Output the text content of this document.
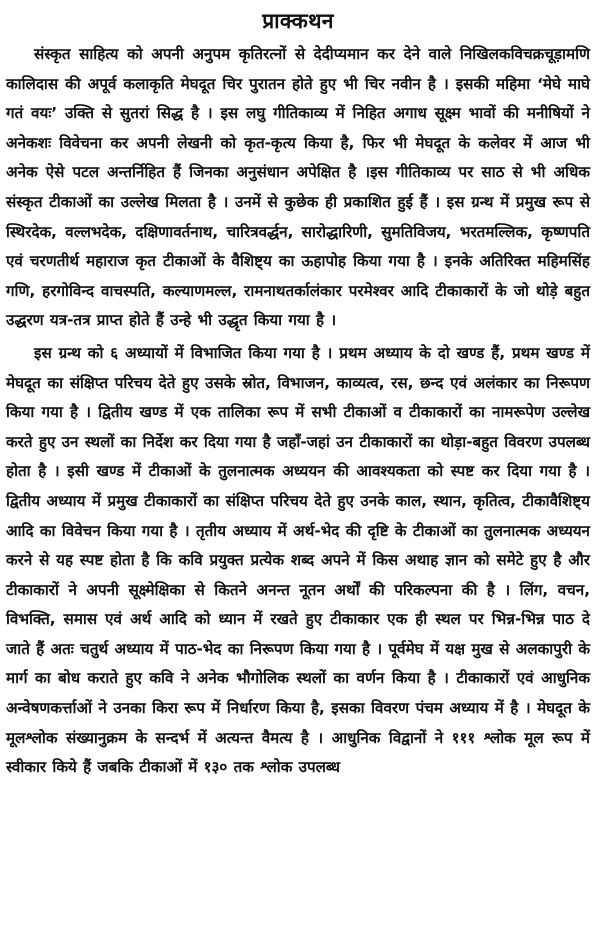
प्राक्कथन

संस्कृत साहित्य को अपनी अनुपम कृतिरत्नों से देदीप्यमान कर देने वाले निखिलकविचक्रचूड़ामणि कालिदास की अपूर्व कलाकृति मेघदूत चिर पुरातन होते हुए भी चिर नवीन है । इसकी महिमा ‘मेघे माघे गतं वयः’ उक्ति से सुतरां सिद्ध है । इस लघु गीतिकाव्य में निहित अगाध सूक्ष्म भावों की मनीषियों ने अनेकशः विवेचना कर अपनी लेखनी को कृत-कृत्य किया है, फिर भी मेघदूत के कलेवर में आज भी अनेक ऐसे पटल अन्तर्निहित हैं जिनका अनुसंधान अपेक्षित है ।इस गीतिकाव्य पर साठ से भी अधिक संस्कृत टीकाओं का उल्लेख मिलता है । उनमें से कुछेक ही प्रकाशित हुई हैं । इस ग्रन्थ में प्रमुख रूप से स्थिरदेक, वल्लभदेक, दक्षिणावर्तनाथ, चारित्रवर्द्धन, सारोद्धारिणी, सुमतिविजय, भरतमल्लिक, कृष्णपति एवं चरणतीर्थ महाराज कृत टीकाओं के वैशिष्ट्य का ऊहापोह किया गया है । इनके अतिरिक्त महिमसिंह गणि, हरगोविन्द वाचस्पति, कल्याणमल्ल, रामनाथतर्कालंकार परमेश्वर आदि टीकाकारों के जो थोड़े बहुत उद्धरण यत्र-तत्र प्राप्त होते हैं उन्हे भी उद्धृत किया गया है ।

इस ग्रन्थ को ६ अध्यायों में विभाजित किया गया है । प्रथम अध्याय के दो खण्ड हैं, प्रथम खण्ड में मेघदूत का संक्षिप्त परिचय देते हुए उसके स्रोत, विभाजन, काव्यत्व, रस, छन्द एवं अलंकार का निरूपण किया गया है । द्वितीय खण्ड में एक तालिका रूप में सभी टीकाओं व टीकाकारों का नामरूपेण उल्लेख करते हुए उन स्थलों का निर्देश कर दिया गया है जहाँ-जहां उन टीकाकारों का थोड़ा-बहुत विवरण उपलब्ध होता है । इसी खण्ड में टीकाओं के तुलनात्मक अध्ययन की आवश्यकता को स्पष्ट कर दिया गया है । द्वितीय अध्याय में प्रमुख टीकाकारों का संक्षिप्त परिचय देते हुए उनके काल, स्थान, कृतित्व, टीकावैशिष्ट्य आदि का विवेचन किया गया है । तृतीय अध्याय में अर्थ-भेद की दृष्टि के टीकाओं का तुलनात्मक अध्ययन करने से यह स्पष्ट होता है कि कवि प्रयुक्त प्रत्येक शब्द अपने में किस अथाह ज्ञान को समेटे हुए है और टीकाकारों ने अपनी सूक्ष्मेक्षिका से कितने अनन्त नूतन अर्थों की परिकल्पना की है । लिंग, वचन, विभक्ति, समास एवं अर्थ आदि को ध्यान में रखते हुए टीकाकार एक ही स्थल पर भिन्न-भिन्न पाठ दे जाते हैं अतः चतुर्थ अध्याय में पाठ-भेद का निरूपण किया गया है । पूर्वमेघ में यक्ष मुख से अलकापुरी के मार्ग का बोध कराते हुए कवि ने अनेक भौगोलिक स्थलों का वर्णन किया है । टीकाकारों एवं आधुनिक अन्वेषणकर्त्ताओं ने उनका किरा रूप में निर्धारण किया है, इसका विवरण पंचम अध्याय में है । मेघदूत के मूलश्लोक संख्यानुक्रम के सन्दर्भ में अत्यन्त वैमत्य है । आधुनिक विद्वानों ने १११ श्लोक मूल रूप में स्वीकार किये हैं जबकि टीकाओं में १३० तक श्लोक उपलब्ध
